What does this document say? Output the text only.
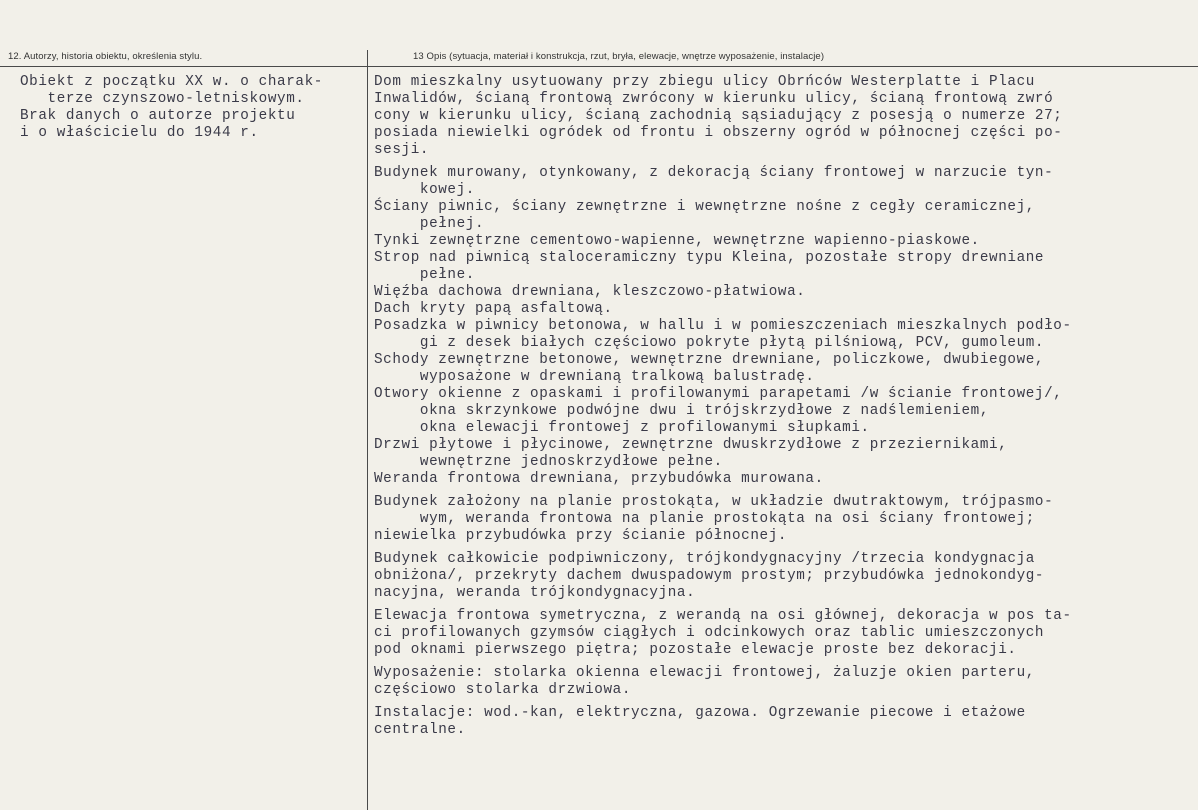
12. Autorzy, historia obiektu, określenia stylu.	13 Opis (sytuacja, materiał i konstrukcja, rzut, bryła, elewacje, wnętrze wyposażenie, instalacje)
Obiekt z początku XX w. o charak-
terze czynszowo-letniskowym.
Brak danych o autorze projektu
i o właścicielu do 1944 r.
Dom mieszkalny usytuowany przy zbiegu ulicy Obrńców Westerplatte i Placu
Inwalidów, ścianą frontową zwrócony w kierunku ulicy, ścianą frontową zwró
cony w kierunku ulicy, ścianą zachodnią sąsiadujący z posesją o numerze 27;
posiada niewielki ogródek od frontu i obszerny ogród w północnej części po-
sesji.
Budynek murowany, otynkowany, z dekoracją ściany frontowej w narzucie tyn-
kowej.
Ściany piwnic, ściany zewnętrzne i wewnętrzne nośne z cegły ceramicznej,
pełnej.
Tynki zewnętrzne cementowo-wapienne, wewnętrzne wapienno-piaskowe.
Strop nad piwnicą staloceramiczny typu Kleina, pozostałe stropy drewniane
pełne.
Więźba dachowa drewniana, kleszczowo-płatwiowa.
Dach kryty papą asfaltową.
Posadzka w piwnicy betonowa, w hallu i w pomieszczeniach mieszkalnych podło-
gi z desek białych częściowo pokryte płytą pilśniową, PCV, gumoleum.
Schody zewnętrzne betonowe, wewnętrzne drewniane, policzkowe, dwubiegowe,
wyposażone w drewnianą tralkową balustradę.
Otwory okienne z opaskami i profilowanymi parapetami /w ścianie frontowej/,
okna skrzynkowe podwójne dwu i trójskrzydłowe z nadślemieniem,
okna elewacji frontowej z profilowanymi słupkami.
Drzwi płytowe i płycinowe, zewnętrzne dwuskrzydłowe z przeziernikami,
wewnętrzne jednoskrzydłowe pełne.
Weranda frontowa drewniana, przybudówka murowana.
Budynek założony na planie prostokąta, w układzie dwutraktowym, trójpasmo-
wym, weranda frontowa na planie prostokąta na osi ściany frontowej;
niewielka przybudówka przy ścianie północnej.
Budynek całkowicie podpiwniczony, trójkondygnacyjny /trzecia kondygnacja
obniżona/, przekryty dachem dwuspadowym prostym; przybudówka jednokondyg-
nacyjna, weranda trójkondygnacyjna.
Elewacja frontowa symetryczna, z werandą na osi głównej, dekoracja w pos ta-
ci profilowanych gzymsów ciągłych i odcinkowych oraz tablic umieszczonych
pod oknami pierwszego piętra; pozostałe elewacje proste bez dekoracji.
Wyposażenie: stolarka okienna elewacji frontowej, żaluzje okien parteru,
częściowo stolarka drzwiowa.
Instalacje: wod.-kan, elektryczna, gazowa. Ogrzewanie piecowe i etażowe
centralne.
